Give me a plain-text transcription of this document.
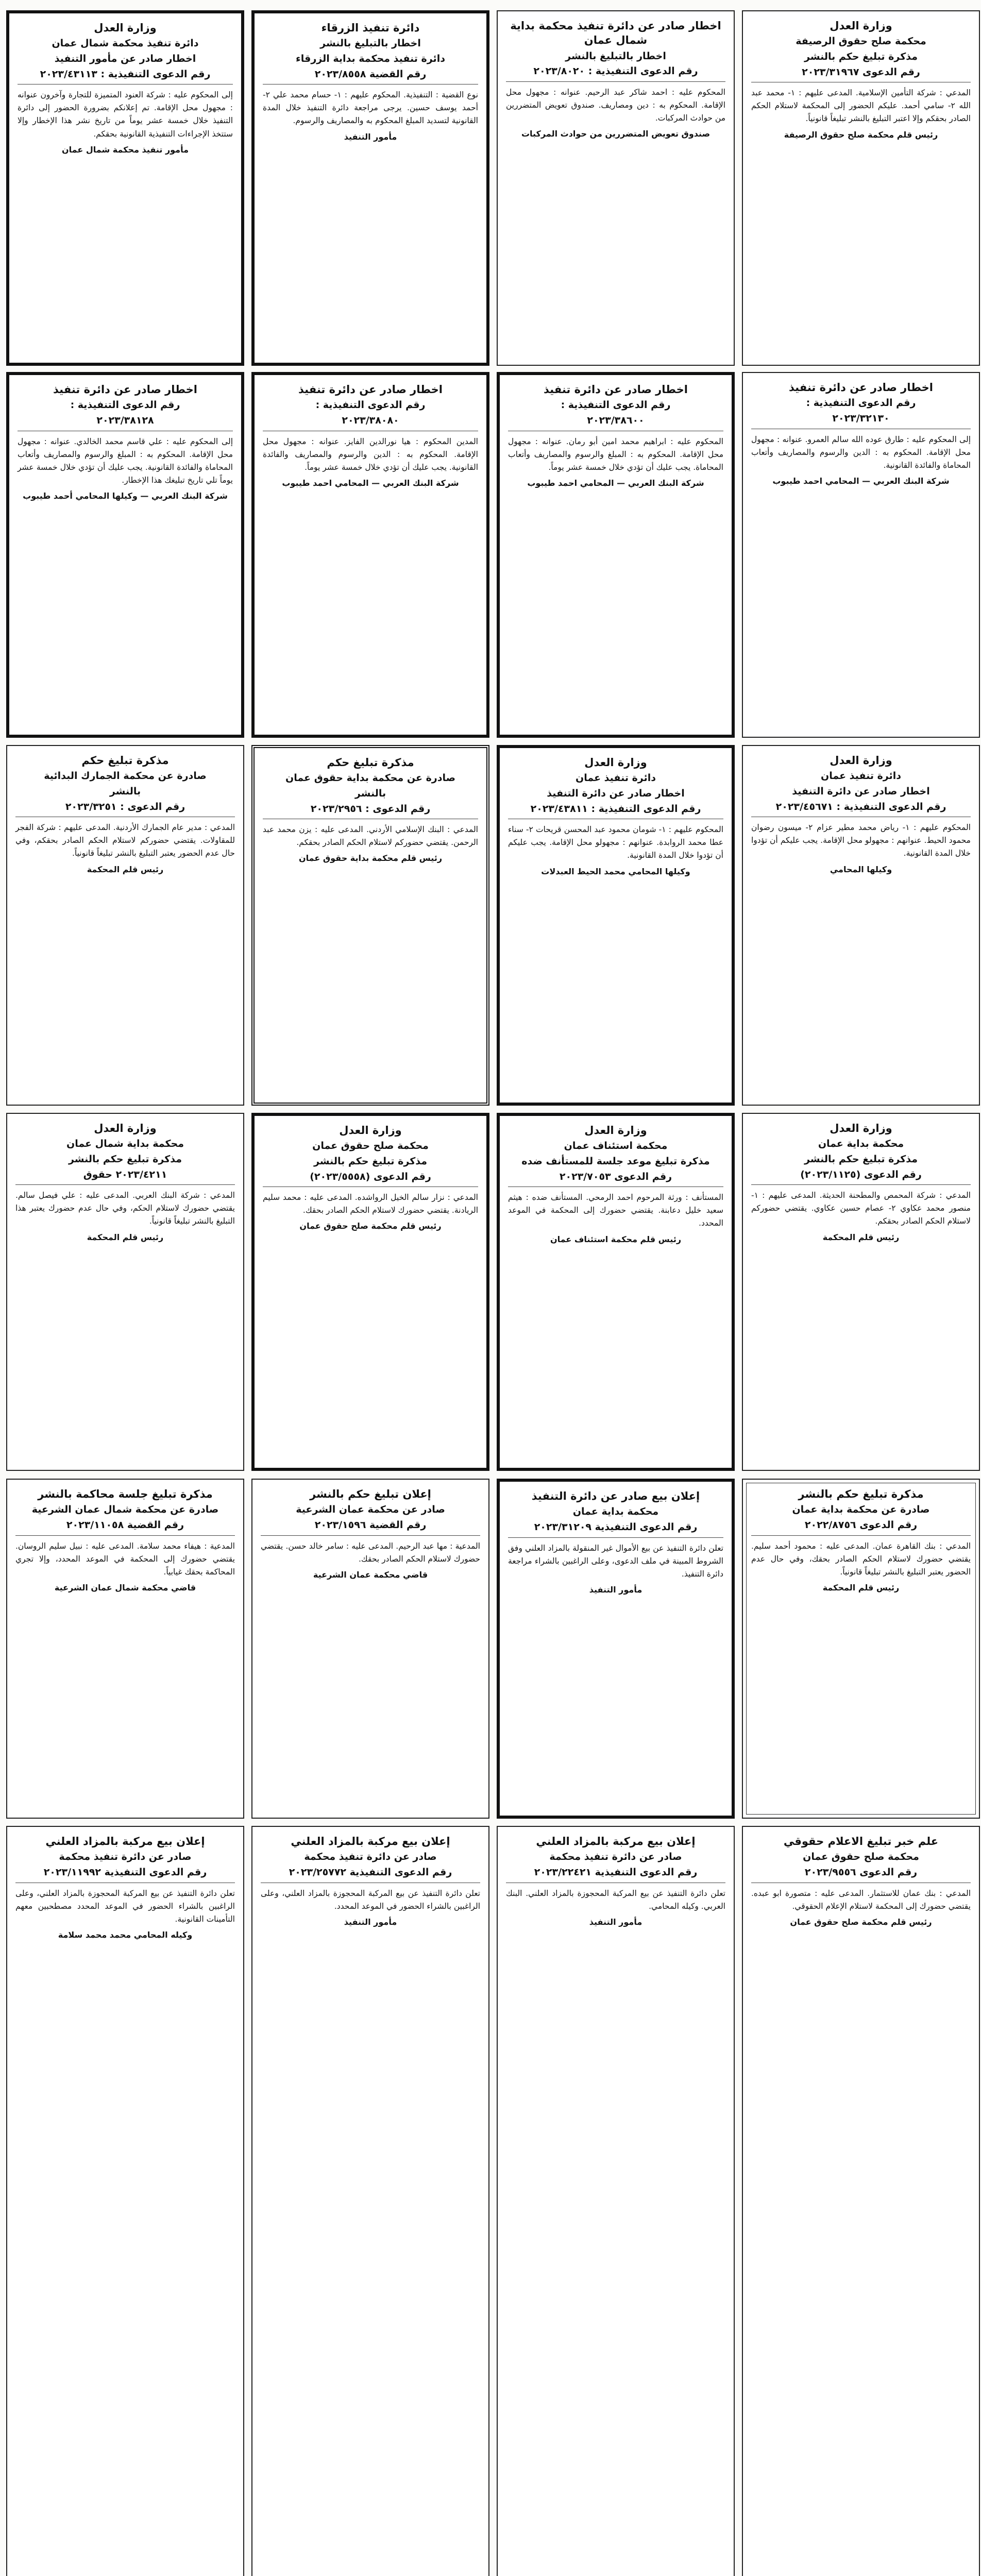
وزارة العدل
دائرة تنفيذ محكمة شمال عمان
اخطار صادر عن مأمور التنفيذ
رقم الدعوى التنفيذية : ٢٠٢٣/٤٣١١٣

إلى المحكوم عليه : شركة العنود المتميزة للتجارة وآخرون عنوانه : مجهول محل الإقامة. تم إعلانكم بضرورة الحضور إلى دائرة التنفيذ خلال خمسة عشر يوماً من تاريخ نشر هذا الإخطار وإلا ستتخذ الإجراءات التنفيذية القانونية بحقكم.

مأمور تنفيذ محكمة شمال عمان
دائرة تنفيذ الزرقاء
اخطار بالتبليغ بالنشر
دائرة تنفيذ محكمة بداية الزرقاء
رقم القضية ٢٠٢٣/٨٥٥٨

نوع القضية : التنفيذية. المحكوم عليهم : ١- حسام محمد علي ٢- أحمد يوسف حسين. يرجى مراجعة دائرة التنفيذ خلال المدة القانونية لتسديد المبلغ المحكوم به والمصاريف والرسوم.

مأمور التنفيذ
اخطار صادر عن دائرة تنفيذ محكمة بداية شمال عمان
اخطار بالتبليغ بالنشر
رقم الدعوى التنفيذية : ٢٠٢٣/٨٠٢٠

المحكوم عليه : احمد شاكر عبد الرحيم. عنوانه : مجهول محل الإقامة. المحكوم به : دين ومصاريف. صندوق تعويض المتضررين من حوادث المركبات.

صندوق تعويض المتضررين من حوادث المركبات
وزارة العدل
محكمة صلح حقوق الرصيفة
مذكرة تبليغ حكم بالنشر
رقم الدعوى ٢٠٢٣/٣١٩٦٧

المدعي : شركة التأمين الإسلامية. المدعى عليهم : ١- محمد عبد الله ٢- سامي أحمد. عليكم الحضور إلى المحكمة لاستلام الحكم الصادر بحقكم وإلا اعتبر التبليغ بالنشر تبليغاً قانونياً.

رئيس قلم محكمة صلح حقوق الرصيفة
اخطار صادر عن دائرة تنفيذ
رقم الدعوى التنفيذية :
٢٠٢٣/٣٨١٢٨

إلى المحكوم عليه : علي قاسم محمد الخالدي. عنوانه : مجهول محل الإقامة. المحكوم به : المبلغ والرسوم والمصاريف وأتعاب المحاماة والفائدة القانونية. يجب عليك أن تؤدي خلال خمسة عشر يوماً تلي تاريخ تبليغك هذا الإخطار.

شركة البنك العربي — وكيلها المحامي أحمد طيبوب
اخطار صادر عن دائرة تنفيذ
رقم الدعوى التنفيذية :
٢٠٢٣/٣٨٠٨٠

المدين المحكوم : هيا نورالدين الفايز. عنوانه : مجهول محل الإقامة. المحكوم به : الدين والرسوم والمصاريف والفائدة القانونية. يجب عليك أن تؤدي خلال خمسة عشر يوماً.

شركة البنك العربي — المحامي احمد طيبوب
اخطار صادر عن دائرة تنفيذ
رقم الدعوى التنفيذية :
٢٠٢٣/٣٨٦٠٠

المحكوم عليه : ابراهيم محمد امين أبو رمان. عنوانه : مجهول محل الإقامة. المحكوم به : المبلغ والرسوم والمصاريف وأتعاب المحاماة. يجب عليك أن تؤدي خلال خمسة عشر يوماً.

شركة البنك العربي — المحامي احمد طيبوب
اخطار صادر عن دائرة تنفيذ
رقم الدعوى التنفيذية :
٢٠٢٣/٣٢١٣٠

إلى المحكوم عليه : طارق عوده الله سالم العمرو. عنوانه : مجهول محل الإقامة. المحكوم به : الدين والرسوم والمصاريف وأتعاب المحاماة والفائدة القانونية.

شركة البنك العربي — المحامي احمد طيبوب
مذكرة تبليغ حكم
صادرة عن محكمة الجمارك البدائية
بالنشر
رقم الدعوى : ٢٠٢٣/٣٢٥١

المدعي : مدير عام الجمارك الأردنية. المدعى عليهم : شركة الفجر للمقاولات. يقتضي حضوركم لاستلام الحكم الصادر بحقكم، وفي حال عدم الحضور يعتبر التبليغ بالنشر تبليغاً قانونياً.

رئيس قلم المحكمة
مذكرة تبليغ حكم
صادرة عن محكمة بداية حقوق عمان
بالنشر
رقم الدعوى : ٢٠٢٣/٢٩٥٦

المدعي : البنك الإسلامي الأردني. المدعى عليه : يزن محمد عبد الرحمن. يقتضي حضوركم لاستلام الحكم الصادر بحقكم.

رئيس قلم محكمة بداية حقوق عمان
وزارة العدل
دائرة تنفيذ عمان
اخطار صادر عن دائرة التنفيذ
رقم الدعوى التنفيذية : ٢٠٢٣/٤٣٨١١

المحكوم عليهم : ١- شومان محمود عبد المحسن قريحات ٢- سناء عطا محمد الروابدة. عنوانهم : مجهولو محل الإقامة. يجب عليكم أن تؤدوا خلال المدة القانونية.

وكيلها المحامي محمد الحيط العبدلات
وزارة العدل
دائرة تنفيذ عمان
اخطار صادر عن دائرة التنفيذ
رقم الدعوى التنفيذية : ٢٠٢٣/٤٥٦٧١

المحكوم عليهم : ١- رياض محمد مطير عزام ٢- ميسون رضوان محمود الحيط. عنوانهم : مجهولو محل الإقامة. يجب عليكم أن تؤدوا خلال المدة القانونية.

وكيلها المحامي
وزارة العدل
محكمة بداية شمال عمان
مذكرة تبليغ حكم بالنشر
٢٠٢٣/٤٢١١ حقوق

المدعي : شركة البنك العربي. المدعى عليه : علي فيصل سالم. يقتضي حضورك لاستلام الحكم، وفي حال عدم حضورك يعتبر هذا التبليغ بالنشر تبليغاً قانونياً.

رئيس قلم المحكمة
وزارة العدل
محكمة صلح حقوق عمان
مذكرة تبليغ حكم بالنشر
رقم الدعوى (٢٠٢٣/٥٥٥٨)

المدعي : نزار سالم الخيل الرواشده. المدعى عليه : محمد سليم الريادنة. يقتضي حضورك لاستلام الحكم الصادر بحقك.

رئيس قلم محكمة صلح حقوق عمان
وزارة العدل
محكمة استئناف عمان
مذكرة تبليغ موعد جلسة للمستأنف ضده
رقم الدعوى ٢٠٢٣/٧٠٥٣

المستأنف : ورثة المرحوم احمد الرمحي. المستأنف ضده : هيثم سعيد خليل دعابنة. يقتضي حضورك إلى المحكمة في الموعد المحدد.

رئيس قلم محكمة استئناف عمان
وزارة العدل
محكمة بداية عمان
مذكرة تبليغ حكم بالنشر
رقم الدعوى (٢٠٢٣/١١٢٥)

المدعي : شركة المحمص والمطحنة الحديثة. المدعى عليهم : ١- منصور محمد عكاوي ٢- عصام حسين عكاوي. يقتضي حضوركم لاستلام الحكم الصادر بحقكم.

رئيس قلم المحكمة
مذكرة تبليغ جلسة محاكمة بالنشر
صادرة عن محكمة شمال عمان الشرعية
رقم القضية ٢٠٢٣/١١٠٥٨

المدعية : هيفاء محمد سلامة. المدعى عليه : نبيل سليم الروسان. يقتضي حضورك إلى المحكمة في الموعد المحدد، وإلا تجري المحاكمة بحقك غيابياً.

قاضي محكمة شمال عمان الشرعية
إعلان تبليغ حكم بالنشر
صادر عن محكمة عمان الشرعية
رقم القضية ٢٠٢٣/١٥٩٦

المدعية : مها عبد الرحيم. المدعى عليه : سامر خالد حسن. يقتضي حضورك لاستلام الحكم الصادر بحقك.

قاضي محكمة عمان الشرعية
إعلان بيع صادر عن دائرة التنفيذ
محكمة بداية عمان
رقم الدعوى التنفيذية ٢٠٢٣/٣١٢٠٩

تعلن دائرة التنفيذ عن بيع الأموال غير المنقولة بالمزاد العلني وفق الشروط المبينة في ملف الدعوى، وعلى الراغبين بالشراء مراجعة دائرة التنفيذ.

مأمور التنفيذ
مذكرة تبليغ حكم بالنشر
صادرة عن محكمة بداية عمان
رقم الدعوى ٢٠٢٢/٨٧٥٦

المدعي : بنك القاهرة عمان. المدعى عليه : محمود أحمد سليم. يقتضي حضورك لاستلام الحكم الصادر بحقك، وفي حال عدم الحضور يعتبر التبليغ بالنشر تبليغاً قانونياً.

رئيس قلم المحكمة
إعلان بيع مركبة بالمزاد العلني
صادر عن دائرة تنفيذ محكمة
رقم الدعوى التنفيذية ٢٠٢٣/١١٩٩٢

تعلن دائرة التنفيذ عن بيع المركبة المحجوزة بالمزاد العلني، وعلى الراغبين بالشراء الحضور في الموعد المحدد مصطحبين معهم التأمينات القانونية.

وكيله المحامي محمد محمد سلامة
إعلان بيع مركبة بالمزاد العلني
صادر عن دائرة تنفيذ محكمة
رقم الدعوى التنفيذية ٢٠٢٣/٢٥٧٧٢

تعلن دائرة التنفيذ عن بيع المركبة المحجوزة بالمزاد العلني، وعلى الراغبين بالشراء الحضور في الموعد المحدد.

مأمور التنفيذ
إعلان بيع مركبة بالمزاد العلني
صادر عن دائرة تنفيذ محكمة
رقم الدعوى التنفيذية ٢٠٢٣/٢٢٤٢١

تعلن دائرة التنفيذ عن بيع المركبة المحجوزة بالمزاد العلني. البنك العربي. وكيله المحامي.

مأمور التنفيذ
علم خبر تبليغ الاعلام حقوقي
محكمة صلح حقوق عمان
رقم الدعوى ٢٠٢٣/٩٥٥٦

المدعي : بنك عمان للاستثمار. المدعى عليه : متصورة ابو عبده. يقتضي حضورك إلى المحكمة لاستلام الإعلام الحقوقي.

رئيس قلم محكمة صلح حقوق عمان
